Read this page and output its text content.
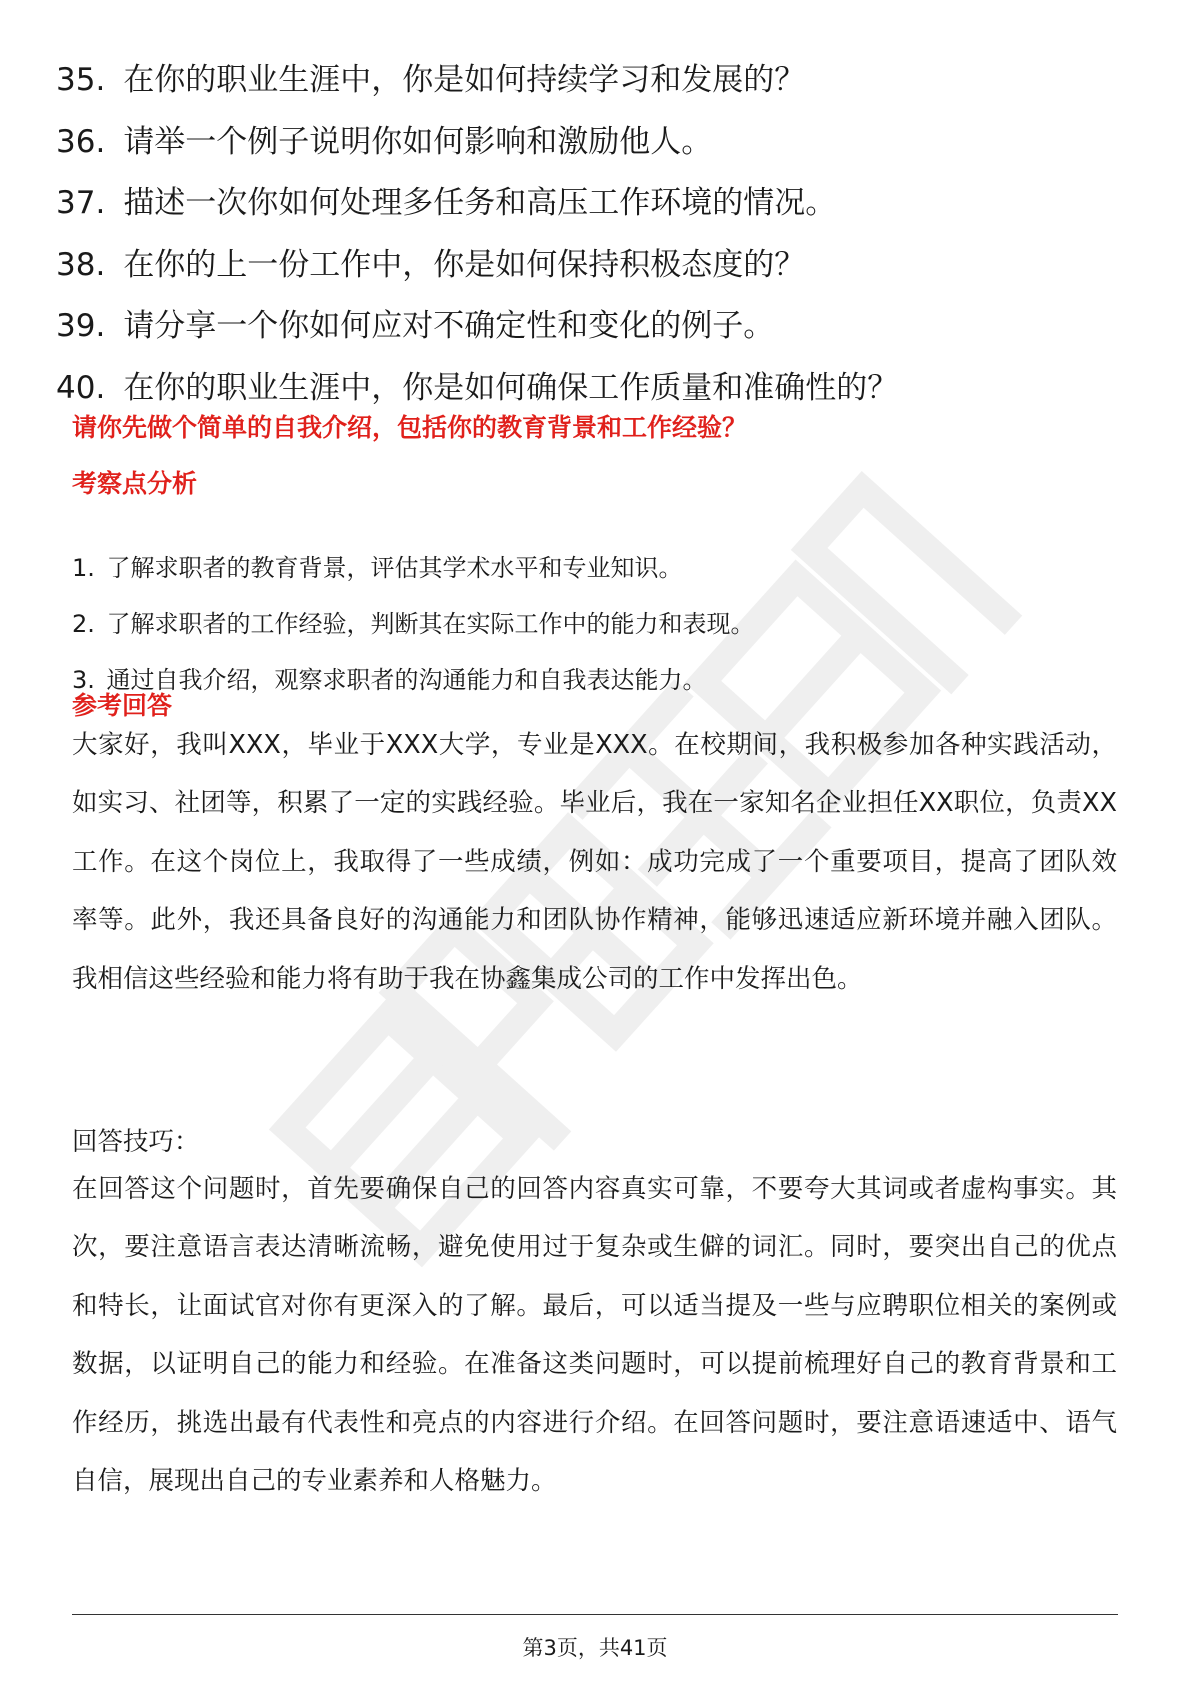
35. 在你的职业生涯中，你是如何持续学习和发展的？
36. 请举一个例子说明你如何影响和激励他人。
37. 描述一次你如何处理多任务和高压工作环境的情况。
38. 在你的上一份工作中，你是如何保持积极态度的？
39. 请分享一个你如何应对不确定性和变化的例子。
40. 在你的职业生涯中，你是如何确保工作质量和准确性的？
请你先做个简单的自我介绍，包括你的教育背景和工作经验？
考察点分析
1. 了解求职者的教育背景，评估其学术水平和专业知识。
2. 了解求职者的工作经验，判断其在实际工作中的能力和表现。
3. 通过自我介绍，观察求职者的沟通能力和自我表达能力。
参考回答

大家好，我叫XXX，毕业于XXX大学，专业是XXX。在校期间，我积极参加各种实践活动，如实习、社团等，积累了一定的实践经验。毕业后，我在一家知名企业担任XX职位，负责XX工作。在这个岗位上，我取得了一些成绩，例如：成功完成了一个重要项目，提高了团队效率等。此外，我还具备良好的沟通能力和团队协作精神，能够迅速适应新环境并融入团队。我相信这些经验和能力将有助于我在协鑫集成公司的工作中发挥出色。

回答技巧：

在回答这个问题时，首先要确保自己的回答内容真实可靠，不要夸大其词或者虚构事实。其次，要注意语言表达清晰流畅，避免使用过于复杂或生僻的词汇。同时，要突出自己的优点和特长，让面试官对你有更深入的了解。最后，可以适当提及一些与应聘职位相关的案例或数据，以证明自己的能力和经验。在准备这类问题时，可以提前梳理好自己的教育背景和工作经历，挑选出最有代表性和亮点的内容进行介绍。在回答问题时，要注意语速适中、语气自信，展现出自己的专业素养和人格魅力。

第3页，共41页
